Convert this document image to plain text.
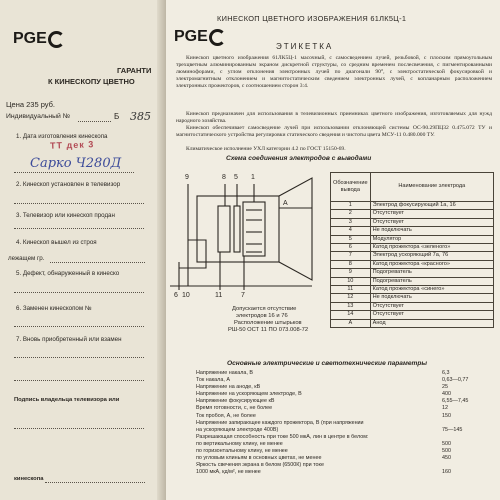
PGE
ГАРАНТИ
К КИНЕСКОПУ ЦВЕТНО
Цена 235 руб.
Индивидуальный №	Б 385
1. Дата изготовления кинескопа
ТТ дек 3
Сарко Ч280Д
2. Кинескоп установлен в телевизор
3. Телевизор или кинескоп продан
4. Кинескоп вышел из строя
лежащем гр.
5. Дефект, обнаруженный в кинеско
6. Заменен кинескопом №
7. Вновь приобретенный или взамен
Подпись владельца телевизора или
кинескопа
PGE
КИНЕСКОП ЦВЕТНОГО ИЗОБРАЖЕНИЯ 61ЛК5Ц-1
ЭТИКЕТКА
Кинескоп цветного изображения 61ЛК5Ц-1 масочный, с самосведением лучей, резьбовой, с плоским прямоугольным трехцветным алюминированным экраном дискретной структуры, со средним временем послесвечения, с пигментированными люминофорами, с углом отклонения электронных лучей по диагонали 90°, с электростатической фокусировкой и электромагнитным отклонением и магнитостатическим сведением электронных лучей, с копланарным расположением электронных прожекторов, с соотношением сторон 3:4.
Кинескоп предназначен для использования в телевизионных приемниках цветного изображения, изготовляемых для нужд народного хозяйства.
Кинескоп обеспечивает самосведение лучей при использовании отклоняющей системы ОС-90.29ПЦ32 0.475.072 ТУ и магнитостатического устройства регулировки статического сведения и чистоты цвета МСУ-11 0.480.000 ТУ.
Климатическое исполнение УХЛ категории 4.2 по ГОСТ 15150-69.
Схема соединения электродов с выводами
9	8 5 1
6 10	11	7
А
Допускается отсутствие
электродов 16 и 76
Расположение штырьков
РШ-50 ОСТ 11 ПО 073.008-72
Обозначение вывода	Наименование электрода
1	Электрод фокусирующий 1а, 16
2	Отсутствует
3	Отсутствует
4	Не подключать
5	Модулятор
6	Катод прожектора «зеленого»
7	Электрод ускоряющий 7а, 76
8	Катод прожектора «красного»
9	Подогреватель
10	Подогреватель
11	Катод прожектора «синего»
12	Не подключать
13	Отсутствует
14	Отсутствует
А	Анод
Основные электрические и светотехнические параметры
Напряжение накала, В	6,3
Ток накала, А	0,63—0,77
Напряжение на аноде, кВ	25
Напряжение на ускоряющем электроде, В	400
Напряжение фокусирующее кВ	6,55—7,45
Время готовности, с, не более	12
Ток пробоя, А, не более	150
Напряжение запирающее каждого прожектора, В (при напряжении
на ускоряющем электроде 400В)	75—145
Разрешающая способность при токе 500 мкА, лин в центре в белом:
по вертикальному клину, не менее	500
по горизонтальному клину, не менее	500
по угловым клиньям в основных цветах, не менее	450
Яркость свечения экрана в белом (6500К) при токе
1000 мкА, кд/м², не менее	160
